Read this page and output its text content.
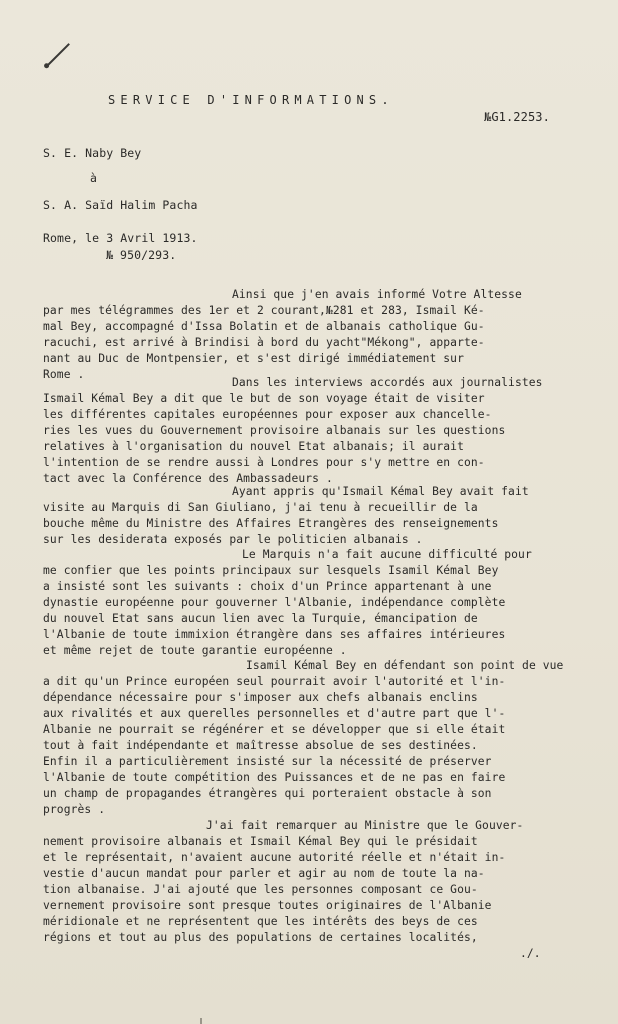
SERVICE D'INFORMATIONS.
№G1.2253.
S. E. Naby Bey
à
S. A. Saïd Halim Pacha
Rome, le 3 Avril 1913.
№ 950/293.
Ainsi que j'en avais informé Votre Altesse
par mes télégrammes des 1er et 2 courant,№281 et 283, Ismail Ké-
mal Bey, accompagné d'Issa Bolatin et de albanais catholique Gu-
racuchi, est arrivé à Brindisi à bord du yacht"Mékong", apparte-
nant au Duc de Montpensier, et s'est dirigé immédiatement sur
Rome .
Dans les interviews accordés aux journalistes
Ismail Kémal Bey a dit que le but de son voyage était de visiter
les différentes capitales européennes pour exposer aux chancelle-
ries les vues du Gouvernement provisoire albanais sur les questions
relatives à l'organisation du nouvel Etat albanais; il aurait
l'intention de se rendre aussi à Londres pour s'y mettre en con-
tact avec la Conférence des Ambassadeurs .
Ayant appris qu'Ismail Kémal Bey avait fait
visite au Marquis di San Giuliano, j'ai tenu à recueillir de la
bouche même du Ministre des Affaires Etrangères des renseignements
sur les desiderata exposés par le politicien albanais .
Le Marquis n'a fait aucune difficulté pour
me confier que les points principaux sur lesquels Isamil Kémal Bey
a insisté sont les suivants : choix d'un Prince appartenant à une
dynastie européenne pour gouverner l'Albanie, indépendance complète
du nouvel Etat sans aucun lien avec la Turquie, émancipation de
l'Albanie de toute immixion étrangère dans ses affaires intérieures
et même rejet de toute garantie européenne .
Isamil Kémal Bey en défendant son point de vue
a dit qu'un Prince européen seul pourrait avoir l'autorité et l'in-
dépendance nécessaire pour s'imposer aux chefs albanais enclins
aux rivalités et aux querelles personnelles et d'autre part que l'-
Albanie ne pourrait se régénérer et se développer que si elle était
tout à fait indépendante et maîtresse absolue de ses destinées.
Enfin il a particulièrement insisté sur la nécessité de préserver
l'Albanie de toute compétition des Puissances et de ne pas en faire
un champ de propagandes étrangères qui porteraient obstacle à son
progrès .
J'ai fait remarquer au Ministre que le Gouver-
nement provisoire albanais et Ismail Kémal Bey qui le présidait
et le représentait, n'avaient aucune autorité réelle et n'était in-
vestie d'aucun mandat pour parler et agir au nom de toute la na-
tion albanaise. J'ai ajouté que les personnes composant ce Gou-
vernement provisoire sont presque toutes originaires de l'Albanie
méridionale et ne représentent que les intérêts des beys de ces
régions et tout au plus des populations de certaines localités,
./.
